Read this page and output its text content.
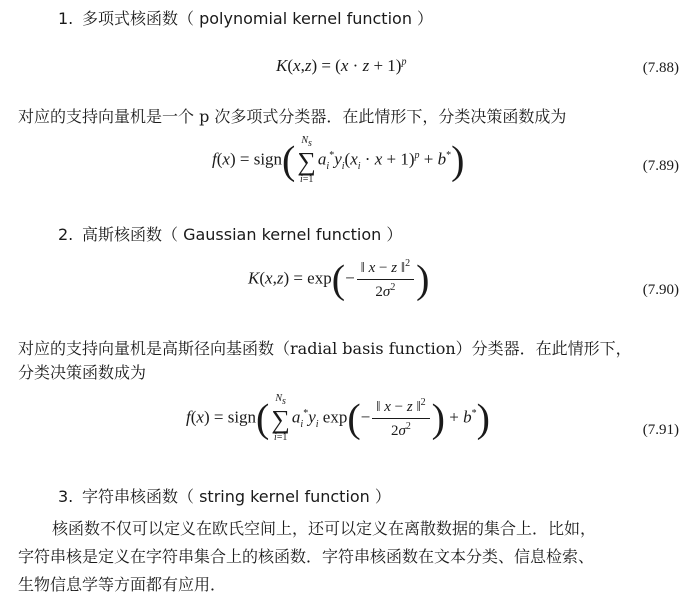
1. 多项式核函数（ polynomial kernel function ）
$K(x,z) = (x \cdot z + 1)^p$	(7.88)
对应的支持向量机是一个 p 次多项式分类器．在此情形下，分类决策函数成为
f(x) = sign( $N_s$
∑
i=1
$a_i^*y_i(x_i \cdot x + 1)^p + b^*$)	(7.89)
2. 高斯核函数（ Gaussian kernel function ）
$K(x,z) = \exp(- \frac{‖ x - z ‖^2}{2\sigma^2}$ )	(7.90)
对应的支持向量机是高斯径向基函数（radial basis function）分类器．在此情形下，
分类决策函数成为
f(x) = sign( $N_s$
∑
i=1
$a_i^*y_i$ $\exp(- \frac{‖ x - z ‖^2}{2\sigma^2}$ ) + b*)	(7.91)
3. 字符串核函数（ string kernel function ）
核函数不仅可以定义在欧氏空间上，还可以定义在离散数据的集合上．比如，
字符串核是定义在字符串集合上的核函数．字符串核函数在文本分类、信息检索、
生物信息学等方面都有应用．
